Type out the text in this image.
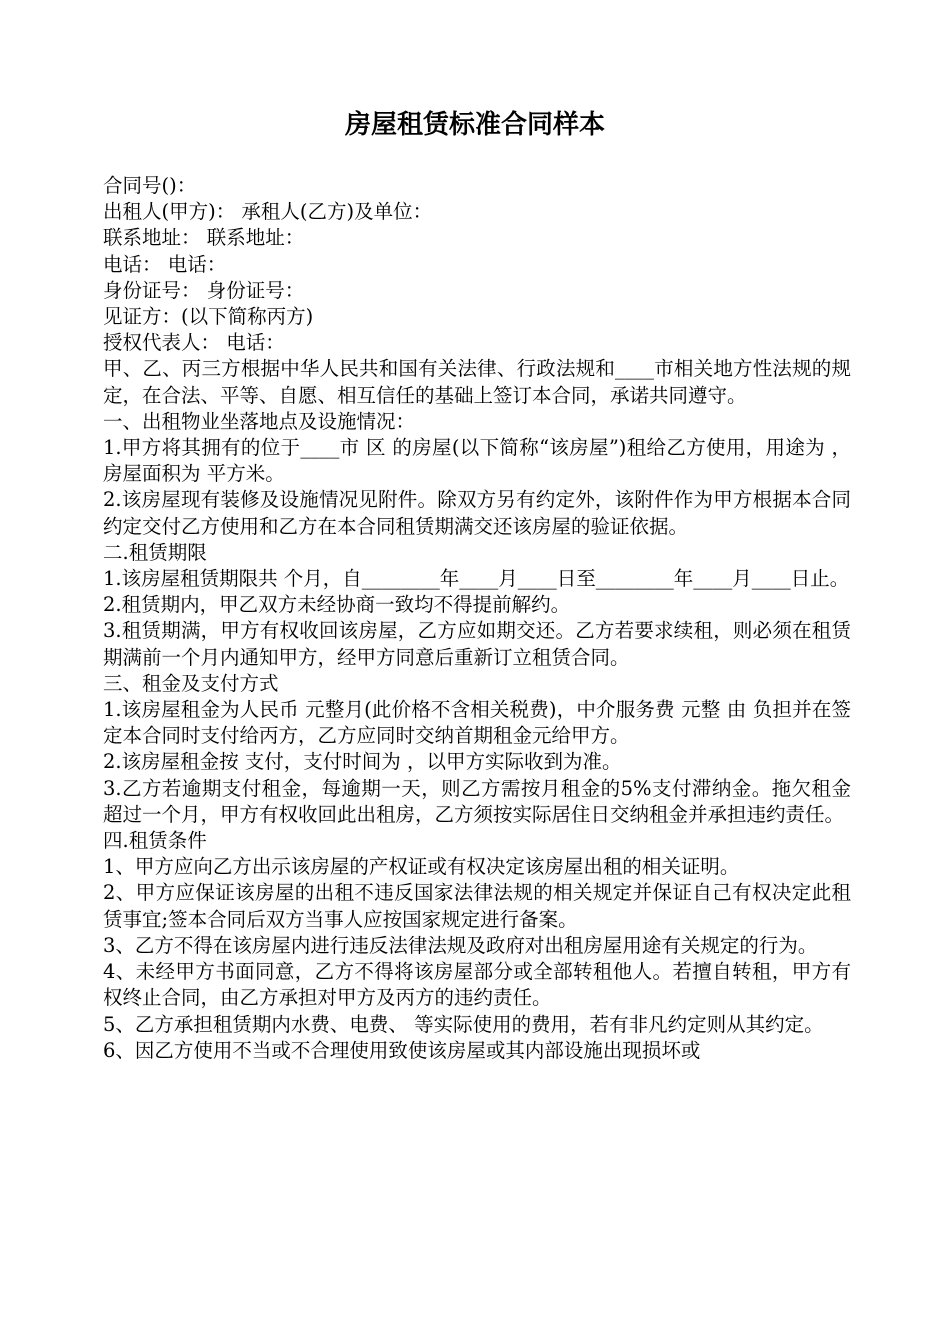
房屋租赁标准合同样本

合同号()：

出租人(甲方)： 承租人(乙方)及单位：

联系地址： 联系地址：

电话： 电话：

身份证号： 身份证号：

见证方：(以下简称丙方)

授权代表人： 电话：

甲、乙、丙三方根据中华人民共和国有关法律、行政法规和____市相关地方性法规的规定，在合法、平等、自愿、相互信任的基础上签订本合同，承诺共同遵守。

一、出租物业坐落地点及设施情况：

1.甲方将其拥有的位于____市 区 的房屋(以下简称“该房屋”)租给乙方使用，用途为 ，房屋面积为 平方米。

2.该房屋现有装修及设施情况见附件。除双方另有约定外，该附件作为甲方根据本合同约定交付乙方使用和乙方在本合同租赁期满交还该房屋的验证依据。

二.租赁期限

1.该房屋租赁期限共 个月，自________年____月____日至________年____月____日止。

2.租赁期内，甲乙双方未经协商一致均不得提前解约。

3.租赁期满，甲方有权收回该房屋，乙方应如期交还。乙方若要求续租，则必须在租赁期满前一个月内通知甲方，经甲方同意后重新订立租赁合同。

三、租金及支付方式

1.该房屋租金为人民币 元整月(此价格不含相关税费)，中介服务费 元整 由 负担并在签定本合同时支付给丙方，乙方应同时交纳首期租金元给甲方。

2.该房屋租金按 支付，支付时间为 ，以甲方实际收到为准。

3.乙方若逾期支付租金，每逾期一天，则乙方需按月租金的5%支付滞纳金。拖欠租金超过一个月，甲方有权收回此出租房，乙方须按实际居住日交纳租金并承担违约责任。

四.租赁条件

1、甲方应向乙方出示该房屋的产权证或有权决定该房屋出租的相关证明。

2、甲方应保证该房屋的出租不违反国家法律法规的相关规定并保证自己有权决定此租赁事宜;签本合同后双方当事人应按国家规定进行备案。

3、乙方不得在该房屋内进行违反法律法规及政府对出租房屋用途有关规定的行为。

4、未经甲方书面同意，乙方不得将该房屋部分或全部转租他人。若擅自转租，甲方有权终止合同，由乙方承担对甲方及丙方的违约责任。

5、乙方承担租赁期内水费、电费、 等实际使用的费用，若有非凡约定则从其约定。

6、因乙方使用不当或不合理使用致使该房屋或其内部设施出现损坏或
